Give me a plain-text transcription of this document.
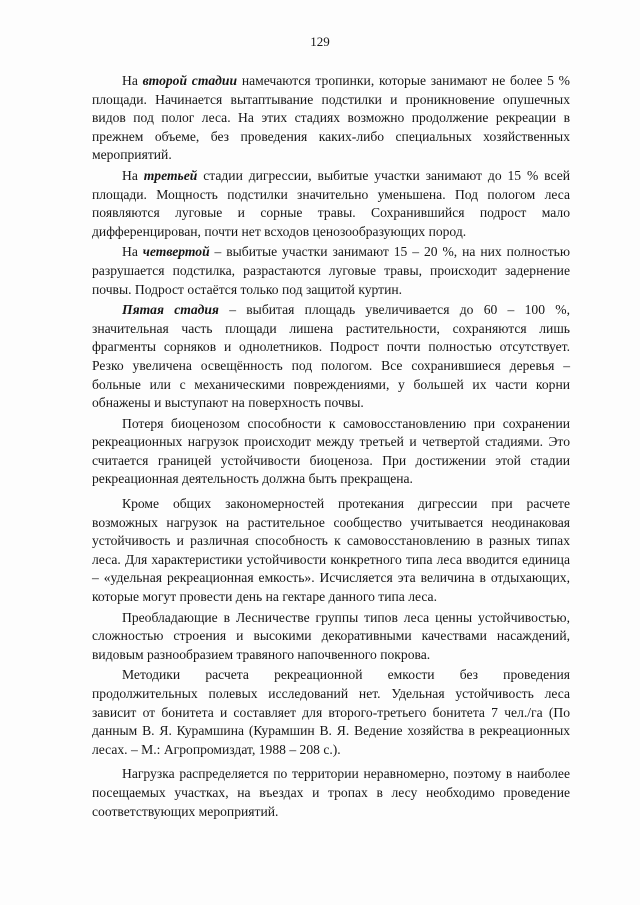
129

На второй стадии намечаются тропинки, которые занимают не более 5 % площади. Начинается вытаптывание подстилки и проникновение опушечных видов под полог леса. На этих стадиях возможно продолжение рекреации в прежнем объеме, без проведения каких-либо специальных хозяйственных мероприятий.

На третьей стадии дигрессии, выбитые участки занимают до 15 % всей площади. Мощность подстилки значительно уменьшена. Под пологом леса появляются луговые и сорные травы. Сохранившийся подрост мало дифференцирован, почти нет всходов ценозообразующих пород.

На четвертой – выбитые участки занимают 15 – 20 %, на них полностью разрушается подстилка, разрастаются луговые травы, происходит задернение почвы. Подрост остаётся только под защитой куртин.

Пятая стадия – выбитая площадь увеличивается до 60 – 100 %, значительная часть площади лишена растительности, сохраняются лишь фрагменты сорняков и однолетников. Подрост почти полностью отсутствует. Резко увеличена освещённость под пологом. Все сохранившиеся деревья – больные или с механическими повреждениями, у большей их части корни обнажены и выступают на поверхность почвы.

Потеря биоценозом способности к самовосстановлению при сохранении рекреационных нагрузок происходит между третьей и четвертой стадиями. Это считается границей устойчивости биоценоза. При достижении этой стадии рекреационная деятельность должна быть прекращена.

Кроме общих закономерностей протекания дигрессии при расчете возможных нагрузок на растительное сообщество учитывается неодинаковая устойчивость и различная способность к самовосстановлению в разных типах леса. Для характеристики устойчивости конкретного типа леса вводится единица – «удельная рекреационная емкость». Исчисляется эта величина в отдыхающих, которые могут провести день на гектаре данного типа леса.

Преобладающие в Лесничестве группы типов леса ценны устойчивостью, сложностью строения и высокими декоративными качествами насаждений, видовым разнообразием травяного напочвенного покрова.

Методики расчета рекреационной емкости без проведения продолжительных полевых исследований нет. Удельная устойчивость леса зависит от бонитета и составляет для второго-третьего бонитета 7 чел./га (По данным В. Я. Курамшина (Курамшин В. Я. Ведение хозяйства в рекреационных лесах. – М.: Агропромиздат, 1988 – 208 с.).

Нагрузка распределяется по территории неравномерно, поэтому в наиболее посещаемых участках, на въездах и тропах в лесу необходимо проведение соответствующих мероприятий.
